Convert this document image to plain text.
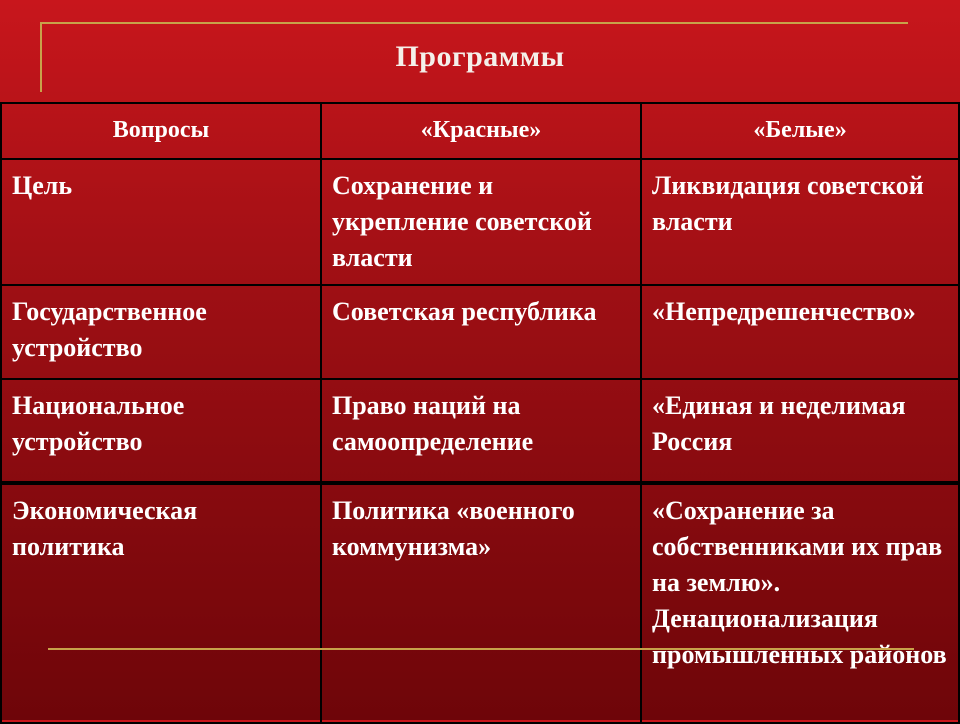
Программы
Вопросы	«Красные»	«Белые»
Цель	Сохранение и укрепление советской власти	Ликвидация советской власти
Государственное устройство	Советская республика	«Непредрешенчество»
Национальное устройство	Право наций на самоопределение	«Единая и неделимая Россия
Экономическая политика	Политика «военного коммунизма»	«Сохранение за собственниками их прав на землю». Денационализация промышленных районов
